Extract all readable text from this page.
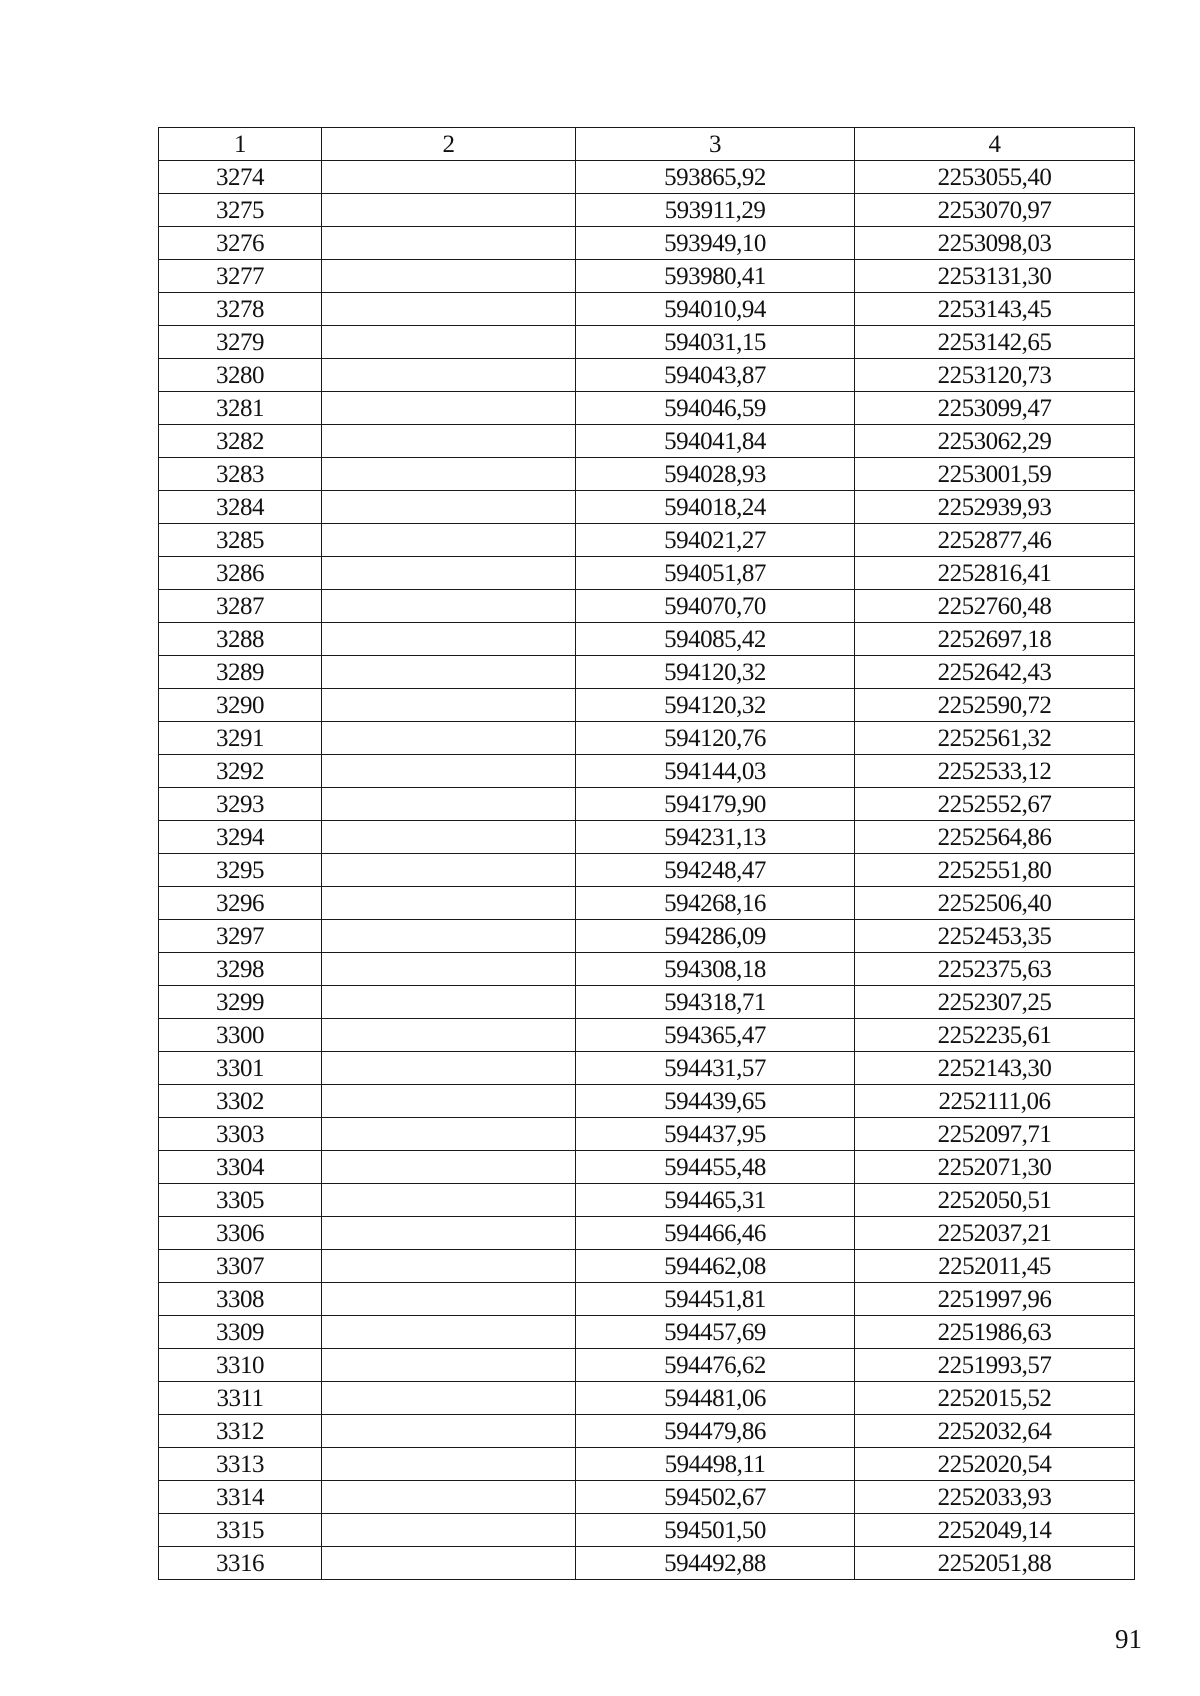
1	2	3	4
3274		593865,92	2253055,40
3275		593911,29	2253070,97
3276		593949,10	2253098,03
3277		593980,41	2253131,30
3278		594010,94	2253143,45
3279		594031,15	2253142,65
3280		594043,87	2253120,73
3281		594046,59	2253099,47
3282		594041,84	2253062,29
3283		594028,93	2253001,59
3284		594018,24	2252939,93
3285		594021,27	2252877,46
3286		594051,87	2252816,41
3287		594070,70	2252760,48
3288		594085,42	2252697,18
3289		594120,32	2252642,43
3290		594120,32	2252590,72
3291		594120,76	2252561,32
3292		594144,03	2252533,12
3293		594179,90	2252552,67
3294		594231,13	2252564,86
3295		594248,47	2252551,80
3296		594268,16	2252506,40
3297		594286,09	2252453,35
3298		594308,18	2252375,63
3299		594318,71	2252307,25
3300		594365,47	2252235,61
3301		594431,57	2252143,30
3302		594439,65	2252111,06
3303		594437,95	2252097,71
3304		594455,48	2252071,30
3305		594465,31	2252050,51
3306		594466,46	2252037,21
3307		594462,08	2252011,45
3308		594451,81	2251997,96
3309		594457,69	2251986,63
3310		594476,62	2251993,57
3311		594481,06	2252015,52
3312		594479,86	2252032,64
3313		594498,11	2252020,54
3314		594502,67	2252033,93
3315		594501,50	2252049,14
3316		594492,88	2252051,88
91
